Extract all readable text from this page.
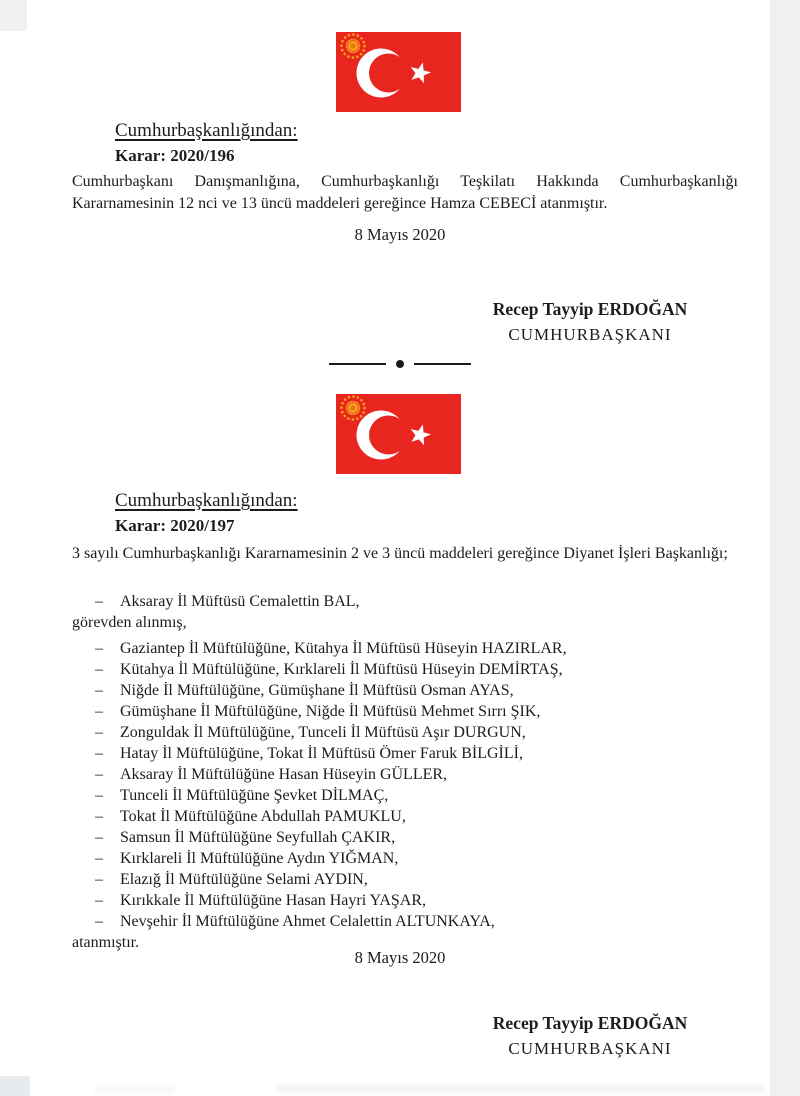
Cumhurbaşkanlığından:
Karar: 2020/196

Cumhurbaşkanı Danışmanlığına, Cumhurbaşkanlığı Teşkilatı Hakkında Cumhurbaşkanlığı Kararnamesinin 12 nci ve 13 üncü maddeleri gereğince Hamza CEBECİ atanmıştır.

8 Mayıs 2020
Recep Tayyip ERDOĞAN
CUMHURBAŞKANI
Cumhurbaşkanlığından:
Karar: 2020/197

3 sayılı Cumhurbaşkanlığı Kararnamesinin 2 ve 3 üncü maddeleri gereğince Diyanet İşleri Başkanlığı;

– Aksaray İl Müftüsü Cemalettin BAL,
görevden alınmış,
– Gaziantep İl Müftülüğüne, Kütahya İl Müftüsü Hüseyin HAZIRLAR,
– Kütahya İl Müftülüğüne, Kırklareli İl Müftüsü Hüseyin DEMİRTAŞ,
– Niğde İl Müftülüğüne, Gümüşhane İl Müftüsü Osman AYAS,
– Gümüşhane İl Müftülüğüne, Niğde İl Müftüsü Mehmet Sırrı ŞIK,
– Zonguldak İl Müftülüğüne, Tunceli İl Müftüsü Aşır DURGUN,
– Hatay İl Müftülüğüne, Tokat İl Müftüsü Ömer Faruk BİLGİLİ,
– Aksaray İl Müftülüğüne Hasan Hüseyin GÜLLER,
– Tunceli İl Müftülüğüne Şevket DİLMAÇ,
– Tokat İl Müftülüğüne Abdullah PAMUKLU,
– Samsun İl Müftülüğüne Seyfullah ÇAKIR,
– Kırklareli İl Müftülüğüne Aydın YIĞMAN,
– Elazığ İl Müftülüğüne Selami AYDIN,
– Kırıkkale İl Müftülüğüne Hasan Hayri YAŞAR,
– Nevşehir İl Müftülüğüne Ahmet Celalettin ALTUNKAYA,
atanmıştır.
8 Mayıs 2020
Recep Tayyip ERDOĞAN
CUMHURBAŞKANI
